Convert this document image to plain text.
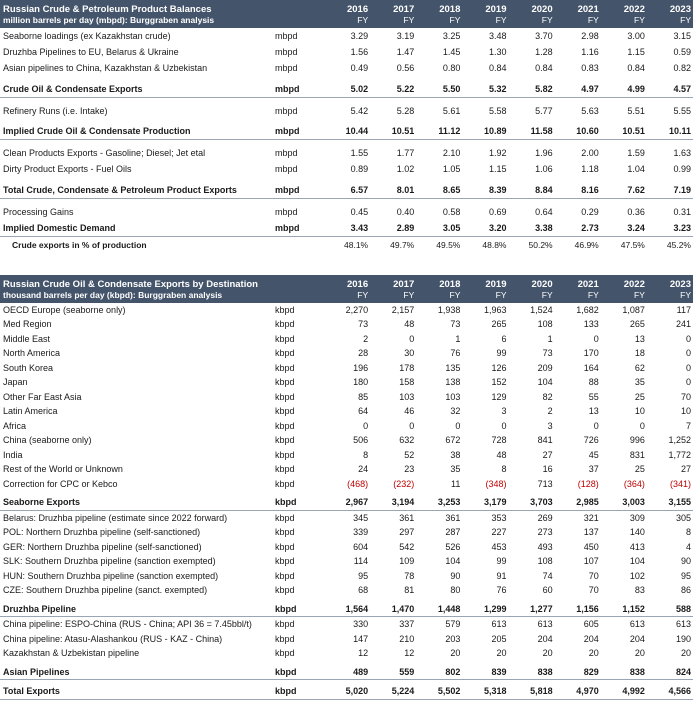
Russian Crude & Petroleum Product Balances		2016	2017	2018	2019	2020	2021	2022	2023
million barrels per day (mbpd): Burggraben analysis		FY	FY	FY	FY	FY	FY	FY	FY
Seaborne loadings (ex Kazakhstan crude)	mbpd	3.29	3.19	3.25	3.48	3.70	2.98	3.00	3.15
Druzhba Pipelines to EU, Belarus & Ukraine	mbpd	1.56	1.47	1.45	1.30	1.28	1.16	1.15	0.59
Asian pipelines to China, Kazakhstan & Uzbekistan	mbpd	0.49	0.56	0.80	0.84	0.84	0.83	0.84	0.82

Crude Oil & Condensate Exports	mbpd	5.02	5.22	5.50	5.32	5.82	4.97	4.99	4.57

Refinery Runs (i.e. Intake)	mbpd	5.42	5.28	5.61	5.58	5.77	5.63	5.51	5.55

Implied Crude Oil & Condensate Production	mbpd	10.44	10.51	11.12	10.89	11.58	10.60	10.51	10.11

Clean Products Exports - Gasoline; Diesel; Jet etal	mbpd	1.55	1.77	2.10	1.92	1.96	2.00	1.59	1.63
Dirty Product Exports - Fuel Oils	mbpd	0.89	1.02	1.05	1.15	1.06	1.18	1.04	0.99

Total Crude, Condensate & Petroleum Product Exports	mbpd	6.57	8.01	8.65	8.39	8.84	8.16	7.62	7.19

Processing Gains	mbpd	0.45	0.40	0.58	0.69	0.64	0.29	0.36	0.31
Implied Domestic Demand	mbpd	3.43	2.89	3.05	3.20	3.38	2.73	3.24	3.23
Crude exports in % of production		48.1%	49.7%	49.5%	48.8%	50.2%	46.9%	47.5%	45.2%
Russian Crude Oil & Condensate Exports by Destination		2016	2017	2018	2019	2020	2021	2022	2023
thousand barrels per day (kbpd): Burggraben analysis		FY	FY	FY	FY	FY	FY	FY	FY
OECD Europe (seaborne only)	kbpd	2,270	2,157	1,938	1,963	1,524	1,682	1,087	117
Med Region	kbpd	73	48	73	265	108	133	265	241
Middle East	kbpd	2	0	1	6	1	0	13	0
North America	kbpd	28	30	76	99	73	170	18	0
South Korea	kbpd	196	178	135	126	209	164	62	0
Japan	kbpd	180	158	138	152	104	88	35	0
Other Far East Asia	kbpd	85	103	103	129	82	55	25	70
Latin America	kbpd	64	46	32	3	2	13	10	10
Africa	kbpd	0	0	0	0	3	0	0	7
China (seaborne only)	kbpd	506	632	672	728	841	726	996	1,252
India	kbpd	8	52	38	48	27	45	831	1,772
Rest of the World or Unknown	kbpd	24	23	35	8	16	37	25	27
Correction for CPC or Kebco	kbpd	(468)	(232)	11	(348)	713	(128)	(364)	(341)

Seaborne Exports	kbpd	2,967	3,194	3,253	3,179	3,703	2,985	3,003	3,155
Belarus: Druzhba pipeline (estimate since 2022 forward)	kbpd	345	361	361	353	269	321	309	305
POL: Northern Druzhba pipeline (self-sanctioned)	kbpd	339	297	287	227	273	137	140	8
GER: Northern Druzhba pipeline (self-sanctioned)	kbpd	604	542	526	453	493	450	413	4
SLK: Southern Druzhba pipeline (sanction exempted)	kbpd	114	109	104	99	108	107	104	90
HUN: Southern Druzhba pipeline (sanction exempted)	kbpd	95	78	90	91	74	70	102	95
CZE: Southern Druzhba pipeline (sanct. exempted)	kbpd	68	81	80	76	60	70	83	86

Druzhba Pipeline	kbpd	1,564	1,470	1,448	1,299	1,277	1,156	1,152	588
China pipeline: ESPO-China (RUS - China; API 36 = 7.45bbl/t)	kbpd	330	337	579	613	613	605	613	613
China pipeline: Atasu-Alashankou (RUS - KAZ - China)	kbpd	147	210	203	205	204	204	204	190
Kazakhstan & Uzbekistan pipeline	kbpd	12	12	20	20	20	20	20	20

Asian Pipelines	kbpd	489	559	802	839	838	829	838	824

Total Exports	kbpd	5,020	5,224	5,502	5,318	5,818	4,970	4,992	4,566
